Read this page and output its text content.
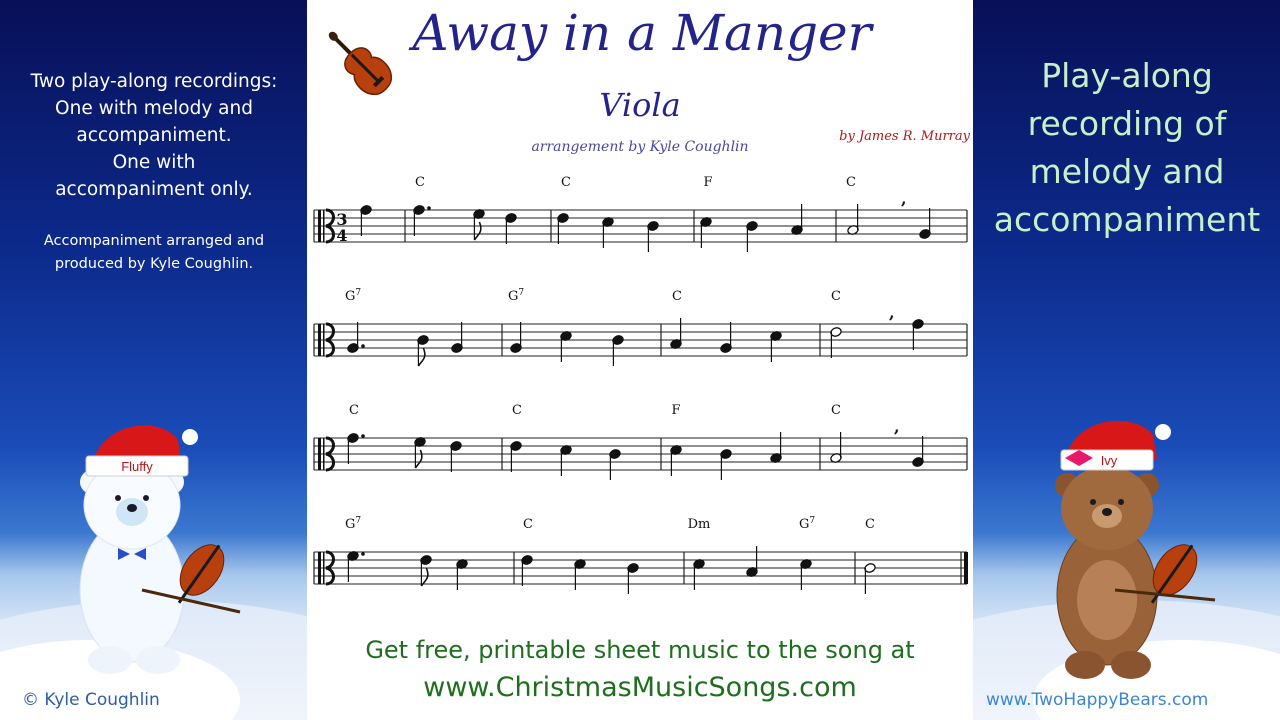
Two play-along recordings:
One with melody and
accompaniment.
One with
accompaniment only.
Accompaniment arranged and
produced by Kyle Coughlin.
© Kyle Coughlin
Play-along
recording of
melody and
accompaniment
www.TwoHappyBears.com
Away in a Manger
Viola
arrangement by Kyle Coughlin
by James R. Murray
3
4
C	C	F	C
,
$G^7$	$G^7$	C	C
,
C	C	F	C
,
$G^7$	C	Dm	$G^7$	C
Get free, printable sheet music to the song at
www.ChristmasMusicSongs.com
Fluffy	Ivy
